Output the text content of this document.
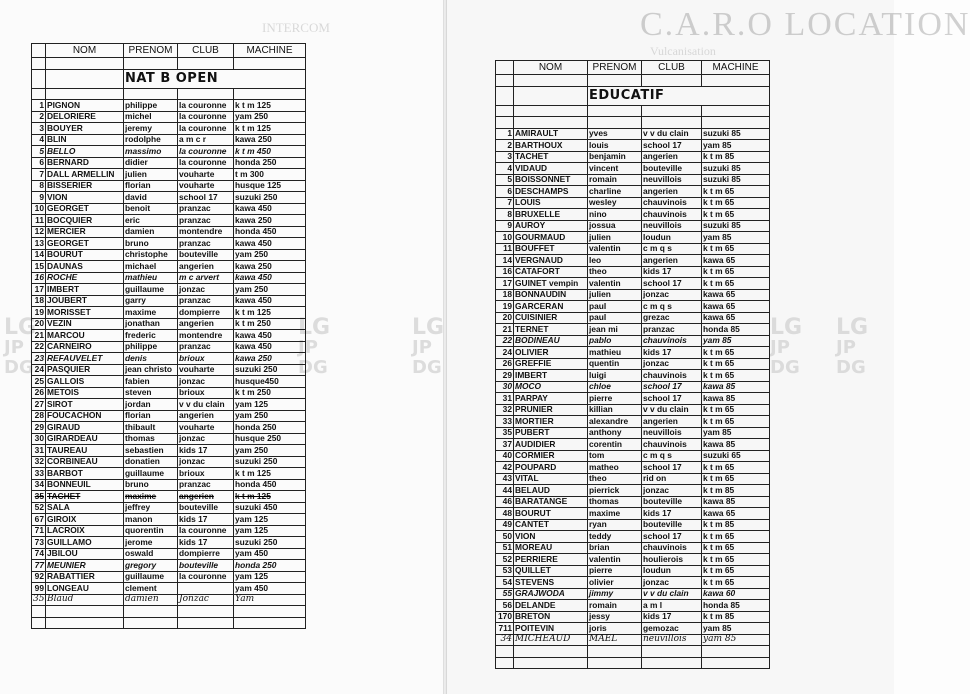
INTERCOM	C.A.R.O LOCATION
Vulcanisation
LG
JP
DG
LG
JP
DG
LG
JP
DG
LG
JP
DG
LG
JP
DG
	NOM	PRENOM	CLUB	MACHINE

		NAT B OPEN		

1	PIGNON	philippe	la couronne	k t m 125
2	DELORIERE	michel	la couronne	yam 250
3	BOUYER	jeremy	la couronne	k t m 125
4	BLIN	rodolphe	a m c r	kawa 250
5	BELLO	massimo	la couronne	k t m 450
6	BERNARD	didier	la couronne	honda 250
7	DALL ARMELLIN	julien	vouharte	t m 300
8	BISSERIER	florian	vouharte	husque 125
9	VION	david	school 17	suzuki 250
10	GEORGET	benoit	pranzac	kawa 450
11	BOCQUIER	eric	pranzac	kawa 250
12	MERCIER	damien	montendre	honda 450
13	GEORGET	bruno	pranzac	kawa 450
14	BOURUT	christophe	bouteville	yam 250
15	DAUNAS	michael	angerien	kawa 250
16	ROCHE	mathieu	m c arvert	kawa 450
17	IMBERT	guillaume	jonzac	yam 250
18	JOUBERT	garry	pranzac	kawa 450
19	MORISSET	maxime	dompierre	k t m 125
20	VEZIN	jonathan	angerien	k t m 250
21	MARCOU	frederic	montendre	kawa 450
22	CARNEIRO	philippe	pranzac	kawa 450
23	REFAUVELET	denis	brioux	kawa 250
24	PASQUIER	jean christo	vouharte	suzuki 250
25	GALLOIS	fabien	jonzac	husque450
26	METOIS	steven	brioux	k t m 250
27	SIROT	jordan	v v du clain	yam 125
28	FOUCACHON	florian	angerien	yam 250
29	GIRAUD	thibault	vouharte	honda 250
30	GIRARDEAU	thomas	jonzac	husque 250
31	TAUREAU	sebastien	kids 17	yam 250
32	CORBINEAU	donatien	jonzac	suzuki 250
33	BARBOT	guillaume	brioux	k t m 125
34	BONNEUIL	bruno	pranzac	honda 450
35	TACHET	maxime	angerien	k t m 125
52	SALA	jeffrey	bouteville	suzuki 450
67	GIROIX	manon	kids 17	yam 125
71	LACROIX	quorentin	la couronne	yam 125
73	GUILLAMO	jerome	kids 17	suzuki 250
74	JBILOU	oswald	dompierre	yam 450
77	MEUNIER	gregory	bouteville	honda 250
92	RABATTIER	guillaume	la couronne	yam 125
99	LONGEAU	clement		yam 450
35	Blaud	damien	Jonzac	Yam

	NOM	PRENOM	CLUB	MACHINE

		EDUCATIF		

1	AMIRAULT	yves	v v du clain	suzuki 85
2	BARTHOUX	louis	school 17	yam 85
3	TACHET	benjamin	angerien	k t m 85
4	VIDAUD	vincent	bouteville	suzuki 85
5	BOISSONNET	romain	neuvillois	suzuki 85
6	DESCHAMPS	charline	angerien	k t m 65
7	LOUIS	wesley	chauvinois	k t m 65
8	BRUXELLE	nino	chauvinois	k t m 65
9	AUROY	jossua	neuvillois	suzuki 85
10	GOURMAUD	julien	loudun	yam 85
11	BOUFFET	valentin	c m q s	k t m 65
14	VERGNAUD	leo	angerien	kawa 65
16	CATAFORT	theo	kids 17	k t m 65
17	GUINET vempin	valentin	school 17	k t m 65
18	BONNAUDIN	julien	jonzac	kawa 65
19	GARCERAN	paul	c m q s	kawa 65
20	CUISINIER	paul	grezac	kawa 65
21	TERNET	jean mi	pranzac	honda 85
22	BODINEAU	pablo	chauvinois	yam 85
24	OLIVIER	mathieu	kids 17	k t m 65
26	GREFFIE	quentin	jonzac	k t m 65
29	IMBERT	luigi	chauvinois	k t m 65
30	MOCO	chloe	school 17	kawa 85
31	PARPAY	pierre	school 17	kawa 85
32	PRUNIER	killian	v v du clain	k t m 65
33	MORTIER	alexandre	angerien	k t m 65
35	PUBERT	anthony	neuvillois	yam 85
37	AUDIDIER	corentin	chauvinois	kawa 85
40	CORMIER	tom	c m q s	suzuki 65
42	POUPARD	matheo	school 17	k t m 65
43	VITAL	theo	rid on	k t m 65
44	BELAUD	pierrick	jonzac	k t m 85
46	BARATANGE	thomas	bouteville	kawa 85
48	BOURUT	maxime	kids 17	kawa 65
49	CANTET	ryan	bouteville	k t m 85
50	VION	teddy	school 17	k t m 65
51	MOREAU	brian	chauvinois	k t m 65
52	PERRIERE	valentin	houlierois	k t m 65
53	QUILLET	pierre	loudun	k t m 65
54	STEVENS	olivier	jonzac	k t m 65
55	GRAJWODA	jimmy	v v du clain	kawa 60
56	DELANDE	romain	a m l	honda 85
170	BRETON	jessy	kids 17	k t m 85
711	POITEVIN	joris	gemozac	yam 85
34	MICHEAUD	MAEL	neuvillois	yam 85
